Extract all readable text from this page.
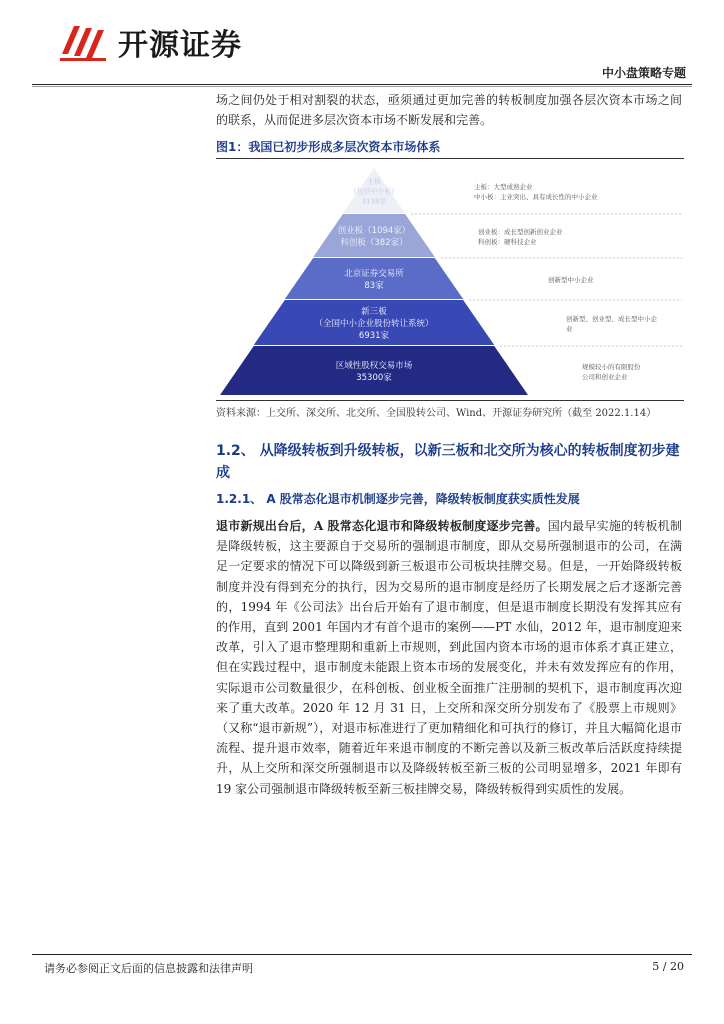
开源证券
中小盘策略专题
场之间仍处于相对割裂的状态，亟须通过更加完善的转板制度加强各层次资本市场之间的联系，从而促进多层次资本市场不断发展和完善。
图1：我国已初步形成多层次资本市场体系
主板
(包括中小板)
3138家
创业板（1094家）
科创板（382家）
北京证券交易所
83家
新三板
（全国中小企业股份转让系统）
6931家
区域性股权交易市场
35300家
主板：大型成熟企业
中小板：主业突出、具有成长性的中小企业
创业板：成长型创新创业企业
科创板：硬科技企业
创新型中小企业
创新型、创业型、成长型中小企
业
规模较小的有限股份
公司和创业企业
资料来源：上交所、深交所、北交所、全国股转公司、Wind、开源证券研究所（截至 2022.1.14）
1.2、 从降级转板到升级转板，以新三板和北交所为核心的转板制度初步建成
1.2.1、 A 股常态化退市机制逐步完善，降级转板制度获实质性发展
退市新规出台后，A 股常态化退市和降级转板制度逐步完善。国内最早实施的转板机制是降级转板，这主要源自于交易所的强制退市制度，即从交易所强制退市的公司，在满足一定要求的情况下可以降级到新三板退市公司板块挂牌交易。但是，一开始降级转板制度并没有得到充分的执行，因为交易所的退市制度是经历了长期发展之后才逐渐完善的，1994 年《公司法》出台后开始有了退市制度，但是退市制度长期没有发挥其应有的作用，直到 2001 年国内才有首个退市的案例——PT 水仙，2012 年，退市制度迎来改革，引入了退市整理期和重新上市规则，到此国内资本市场的退市体系才真正建立，但在实践过程中，退市制度未能跟上资本市场的发展变化，并未有效发挥应有的作用，实际退市公司数量很少，在科创板、创业板全面推广注册制的契机下，退市制度再次迎来了重大改革。2020 年 12 月 31 日，上交所和深交所分别发布了《股票上市规则》（又称“退市新规”），对退市标准进行了更加精细化和可执行的修订，并且大幅简化退市流程、提升退市效率，随着近年来退市制度的不断完善以及新三板改革后活跃度持续提升，从上交所和深交所强制退市以及降级转板至新三板的公司明显增多，2021 年即有 19 家公司强制退市降级转板至新三板挂牌交易，降级转板得到实质性的发展。
请务必参阅正文后面的信息披露和法律声明	5 / 20
